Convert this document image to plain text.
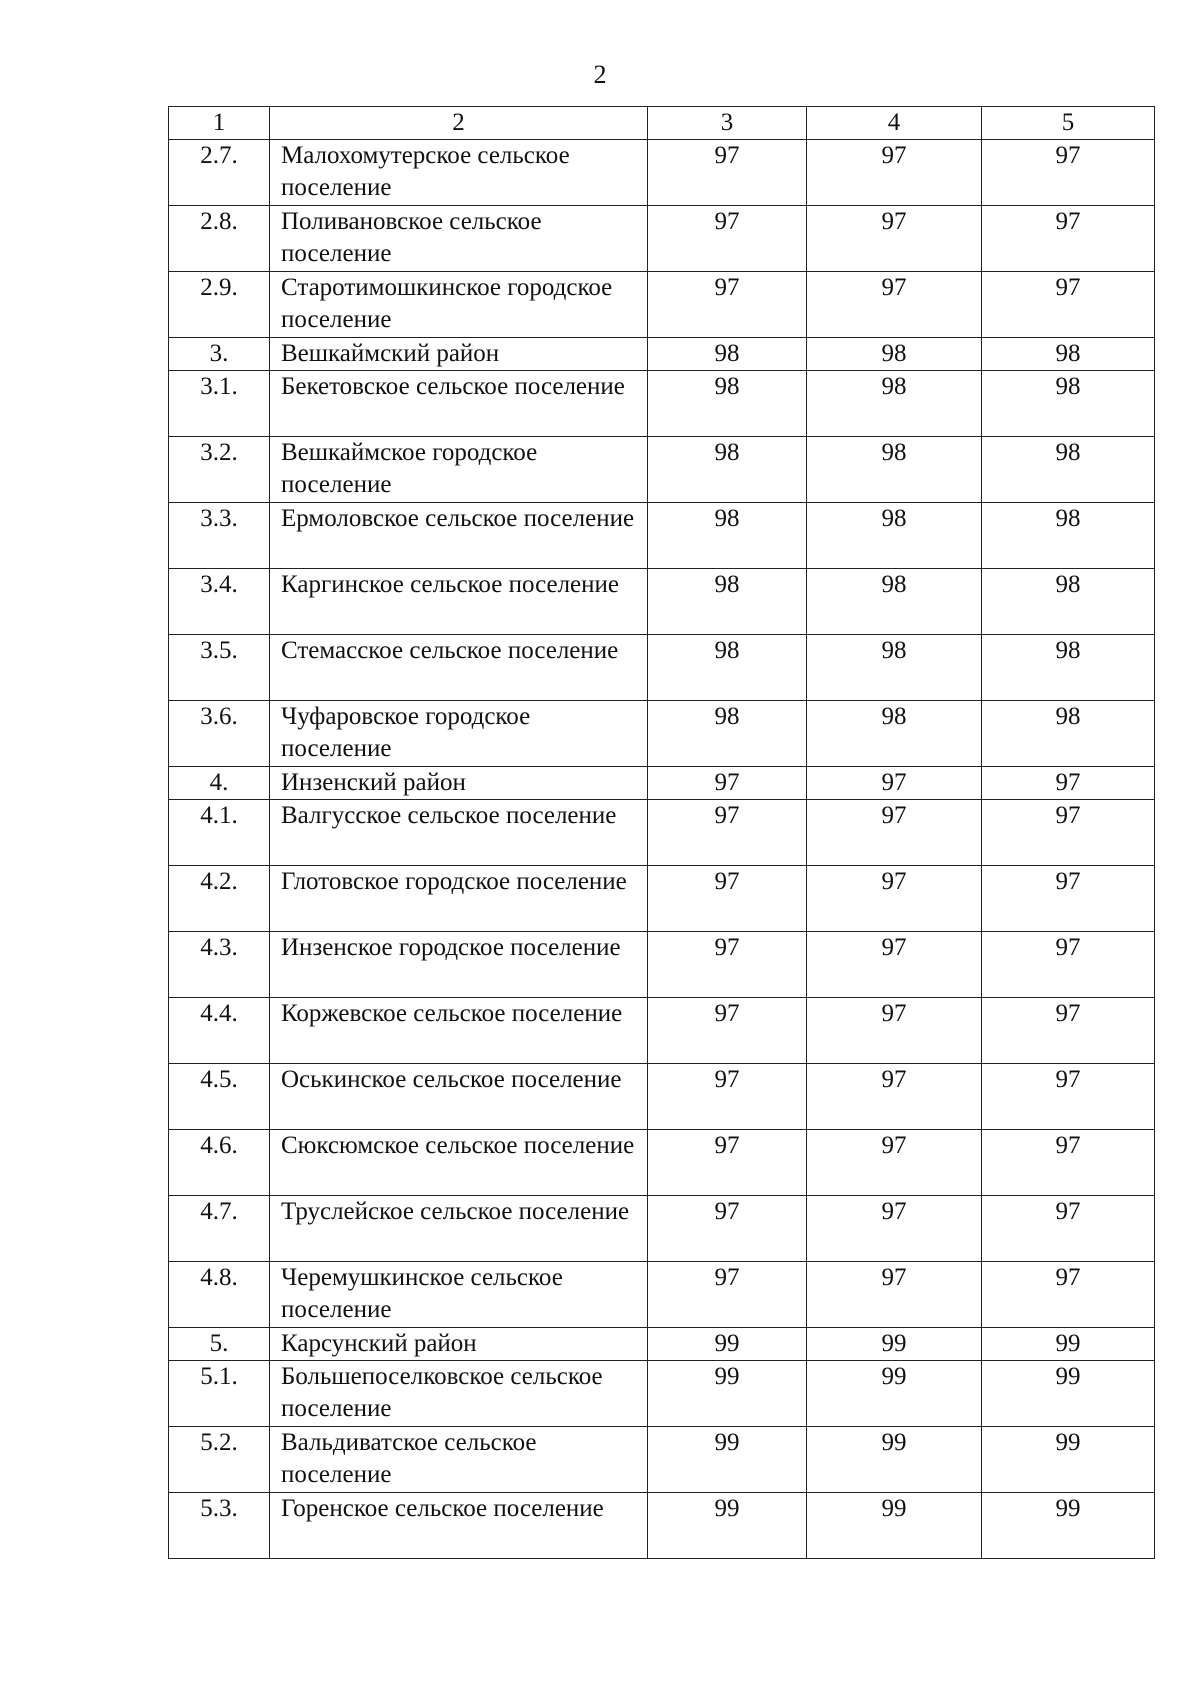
2
1	2	3	4	5
2.7.	Малохомутерское сельское поселение	97	97	97
2.8.	Поливановское сельское поселение	97	97	97
2.9.	Старотимошкинское городское поселение	97	97	97
3.	Вешкаймский район	98	98	98
3.1.	Бекетовское сельское поселение	98	98	98
3.2.	Вешкаймское городское поселение	98	98	98
3.3.	Ермоловское сельское поселение	98	98	98
3.4.	Каргинское сельское поселение	98	98	98
3.5.	Стемасское сельское поселение	98	98	98
3.6.	Чуфаровское городское поселение	98	98	98
4.	Инзенский район	97	97	97
4.1.	Валгусское сельское поселение	97	97	97
4.2.	Глотовское городское поселение	97	97	97
4.3.	Инзенское городское поселение	97	97	97
4.4.	Коржевское сельское поселение	97	97	97
4.5.	Оськинское сельское поселение	97	97	97
4.6.	Сюксюмское сельское поселение	97	97	97
4.7.	Труслейское сельское поселение	97	97	97
4.8.	Черемушкинское сельское поселение	97	97	97
5.	Карсунский район	99	99	99
5.1.	Большепоселковское сельское поселение	99	99	99
5.2.	Вальдиватское сельское поселение	99	99	99
5.3.	Горенское сельское поселение	99	99	99
